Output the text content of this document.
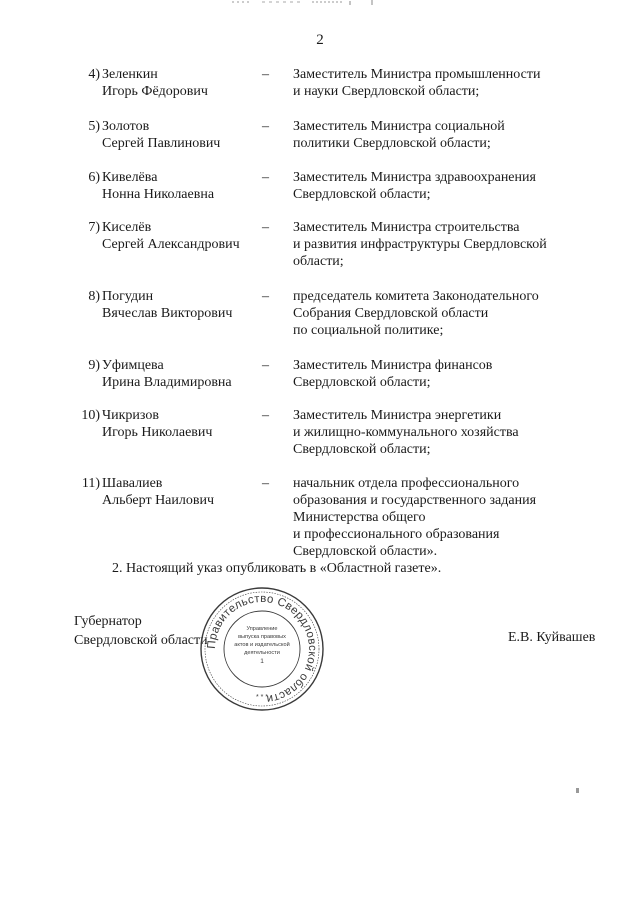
2
4) Зеленкин
Игорь Фёдорович
– Заместитель Министра промышленности
и науки Свердловской области;
5) Золотов
Сергей Павлинович
– Заместитель Министра социальной
политики Свердловской области;
6) Кивелёва
Нонна Николаевна
– Заместитель Министра здравоохранения
Свердловской области;
7) Киселёв
Сергей Александрович
– Заместитель Министра строительства
и развития инфраструктуры Свердловской
области;
8) Погудин
Вячеслав Викторович
– председатель комитета Законодательного
Собрания Свердловской области
по социальной политике;
9) Уфимцева
Ирина Владимировна
– Заместитель Министра финансов
Свердловской области;
10) Чикризов
Игорь Николаевич
– Заместитель Министра энергетики
и жилищно-коммунального хозяйства
Свердловской области;
11) Шавалиев
Альберт Наилович
– начальник отдела профессионального
образования и государственного задания
Министерства общего
и профессионального образования
Свердловской области».
2. Настоящий указ опубликовать в «Областной газете».
Губернатор
Свердловской области
Правительство Свердловской области
Управление
выпуска правовых
актов и издательской
деятельности
1
* * *
Е.В. Куйвашев
